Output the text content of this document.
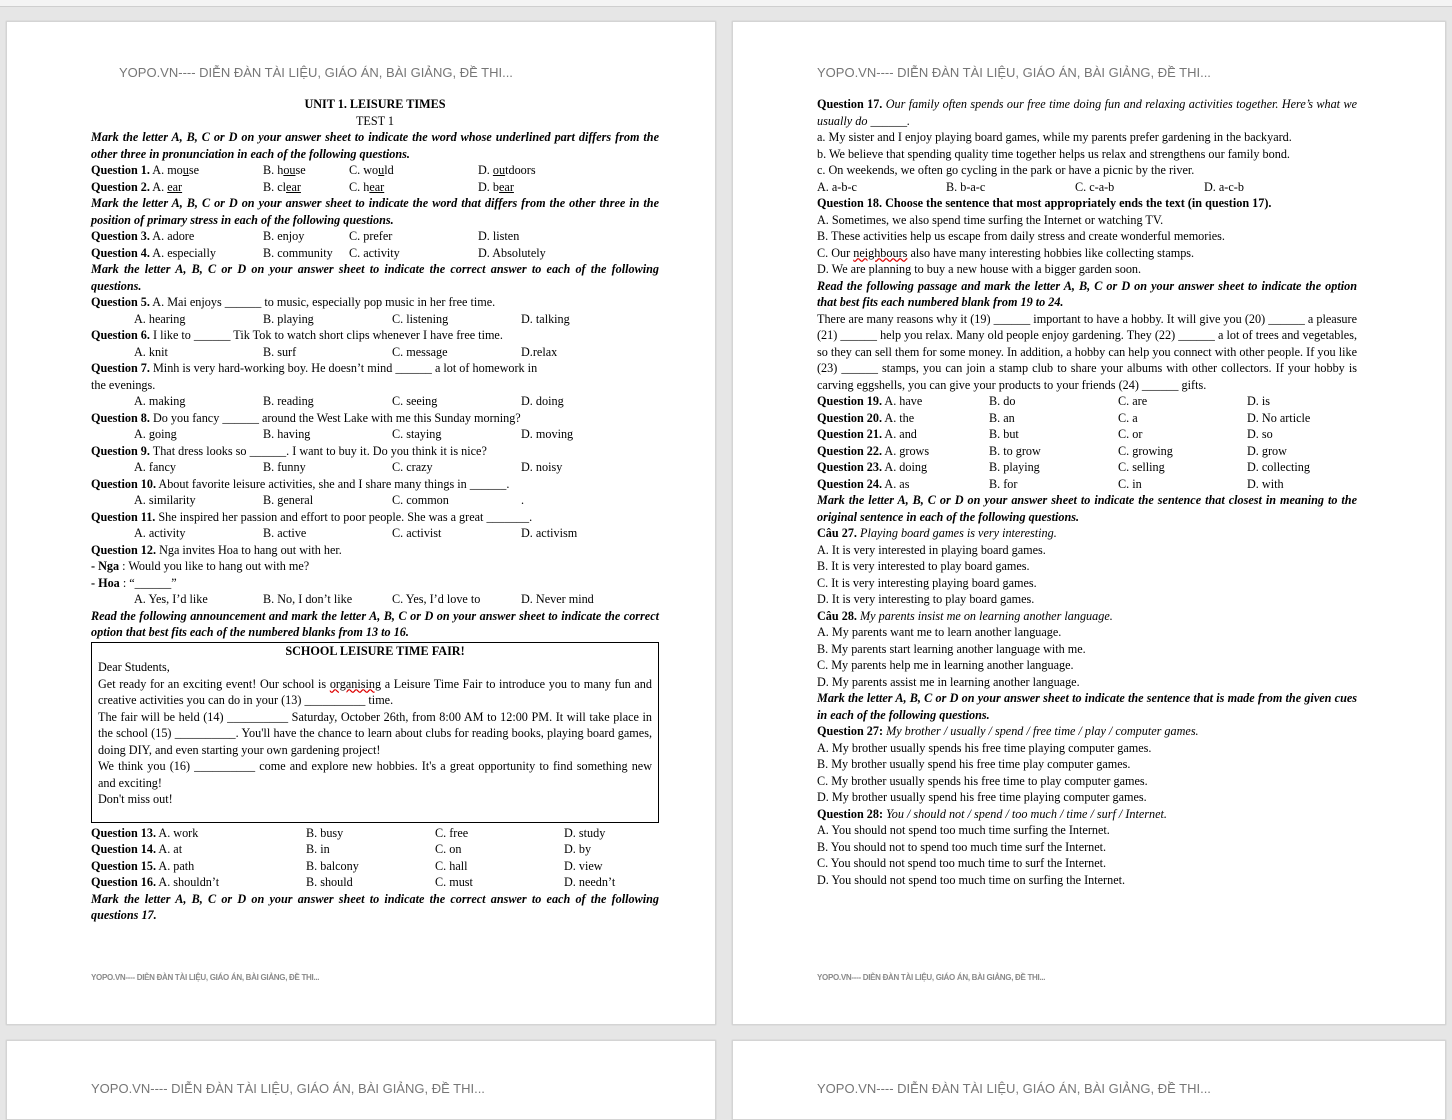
YOPO.VN---- DIỄN ĐÀN TÀI LIỆU, GIÁO ÁN, BÀI GIẢNG, ĐỀ THI...
UNIT 1. LEISURE TIMES
TEST 1
Mark the letter A, B, C or D on your answer sheet to indicate the word whose underlined part differs from the other three in pronunciation in each of the following questions.
Question 1. A. mouse	B. house	C. would	D. outdoors
Question 2. A. ear	B. clear	C. hear	D. bear
Mark the letter A, B, C or D on your answer sheet to indicate the word that differs from the other three in the position of primary stress in each of the following questions.
Question 3. A. adore	B. enjoy	C. prefer	D. listen
Question 4. A. especially	B. community C. activity	D. Absolutely
Mark the letter A, B, C or D on your answer sheet to indicate the correct answer to each of the following questions.
Question 5. A. Mai enjoys ______ to music, especially pop music in her free time.
A. hearing	B. playing	C. listening	D. talking
Question 6. I like to ______ Tik Tok to watch short clips whenever I have free time.
A. knit	B. surf	C. message	D.relax
Question 7. Minh is very hard-working boy. He doesn’t mind ______ a lot of homework in
the evenings.
A. making	B. reading	C. seeing	D. doing
Question 8. Do you fancy ______ around the West Lake with me this Sunday morning?
A. going	B. having	C. staying	D. moving
Question 9. That dress looks so ______. I want to buy it. Do you think it is nice?
A. fancy	B. funny	C. crazy	D. noisy
Question 10. About favorite leisure activities, she and I share many things in ______.
A. similarity	B. general	C. common	.
Question 11. She inspired her passion and effort to poor people. She was a great _______.
A. activity	B. active	C. activist	D. activism
Question 12. Nga invites Hoa to hang out with her.
- Nga : Would you like to hang out with me?
- Hoa : “______”
A. Yes, I’d like	B. No, I don’t like	C. Yes, I’d love to	D. Never mind
Read the following announcement and mark the letter A, B, C or D on your answer sheet to indicate the correct option that best fits each of the numbered blanks from 13 to 16.
SCHOOL LEISURE TIME FAIR!
Dear Students,
Get ready for an exciting event! Our school is organising a Leisure Time Fair to introduce you to many fun and creative activities you can do in your (13) __________ time.
The fair will be held (14) __________ Saturday, October 26th, from 8:00 AM to 12:00 PM. It will take place in the school (15) __________. You'll have the chance to learn about clubs for reading books, playing board games, doing DIY, and even starting your own gardening project!
We think you (16) __________ come and explore new hobbies. It's a great opportunity to find something new and exciting!
Don't miss out!
Question 13. A. work	B. busy	C. free	D. study
Question 14. A. at	B. in	C. on	D. by
Question 15. A. path	B. balcony	C. hall	D. view
Question 16. A. shouldn’t	B. should	C. must	D. needn’t
Mark the letter A, B, C or D on your answer sheet to indicate the correct answer to each of the following questions 17.
YOPO.VN---- DIỄN ĐÀN TÀI LIỆU, GIÁO ÁN, BÀI GIẢNG, ĐỀ THI...
YOPO.VN---- DIỄN ĐÀN TÀI LIỆU, GIÁO ÁN, BÀI GIẢNG, ĐỀ THI...
Question 17. Our family often spends our free time doing fun and relaxing activities together. Here’s what we usually do ______.
a. My sister and I enjoy playing board games, while my parents prefer gardening in the backyard.
b. We believe that spending quality time together helps us relax and strengthens our family bond.
c. On weekends, we often go cycling in the park or have a picnic by the river.
A. a-b-c	B. b-a-c	C. c-a-b	D. a-c-b
Question 18. Choose the sentence that most appropriately ends the text (in question 17).
A. Sometimes, we also spend time surfing the Internet or watching TV.
B. These activities help us escape from daily stress and create wonderful memories.
C. Our neighbours also have many interesting hobbies like collecting stamps.
D. We are planning to buy a new house with a bigger garden soon.
Read the following passage and mark the letter A, B, C or D on your answer sheet to indicate the option that best fits each numbered blank from 19 to 24.
There are many reasons why it (19) ______ important to have a hobby. It will give you (20) ______ a pleasure (21) ______ help you relax. Many old people enjoy gardening. They (22) ______ a lot of trees and vegetables, so they can sell them for some money. In addition, a hobby can help you connect with other people. If you like (23) ______ stamps, you can join a stamp club to share your albums with other collectors. If your hobby is carving eggshells, you can give your products to your friends (24) ______ gifts.
Question 19. A. have	B. do	C. are	D. is
Question 20. A. the	B. an	C. a	D. No article
Question 21. A. and	B. but	C. or	D. so
Question 22. A. grows	B. to grow	C. growing	D. grow
Question 23. A. doing	B. playing	C. selling	D. collecting
Question 24. A. as	B. for	C. in	D. with
Mark the letter A, B, C or D on your answer sheet to indicate the sentence that closest in meaning to the original sentence in each of the following questions.
Câu 27. Playing board games is very interesting.
A. It is very interested in playing board games.
B. It is very interested to play board games.
C. It is very interesting playing board games.
D. It is very interesting to play board games.
Câu 28. My parents insist me on learning another language.
A. My parents want me to learn another language.
B. My parents start learning another language with me.
C. My parents help me in learning another language.
D. My parents assist me in learning another language.
Mark the letter A, B, C or D on your answer sheet to indicate the sentence that is made from the given cues in each of the following questions.
Question 27: My brother / usually / spend / free time / play / computer games.
A. My brother usually spends his free time playing computer games.
B. My brother usually spend his free time play computer games.
C. My brother usually spends his free time to play computer games.
D. My brother usually spend his free time playing computer games.
Question 28: You / should not / spend / too much / time / surf / Internet.
A. You should not spend too much time surfing the Internet.
B. You should not to spend too much time surf the Internet.
C. You should not spend too much time to surf the Internet.
D. You should not spend too much time on surfing the Internet.
YOPO.VN---- DIỄN ĐÀN TÀI LIỆU, GIÁO ÁN, BÀI GIẢNG, ĐỀ THI...
YOPO.VN---- DIỄN ĐÀN TÀI LIỆU, GIÁO ÁN, BÀI GIẢNG, ĐỀ THI...	YOPO.VN---- DIỄN ĐÀN TÀI LIỆU, GIÁO ÁN, BÀI GIẢNG, ĐỀ THI...
